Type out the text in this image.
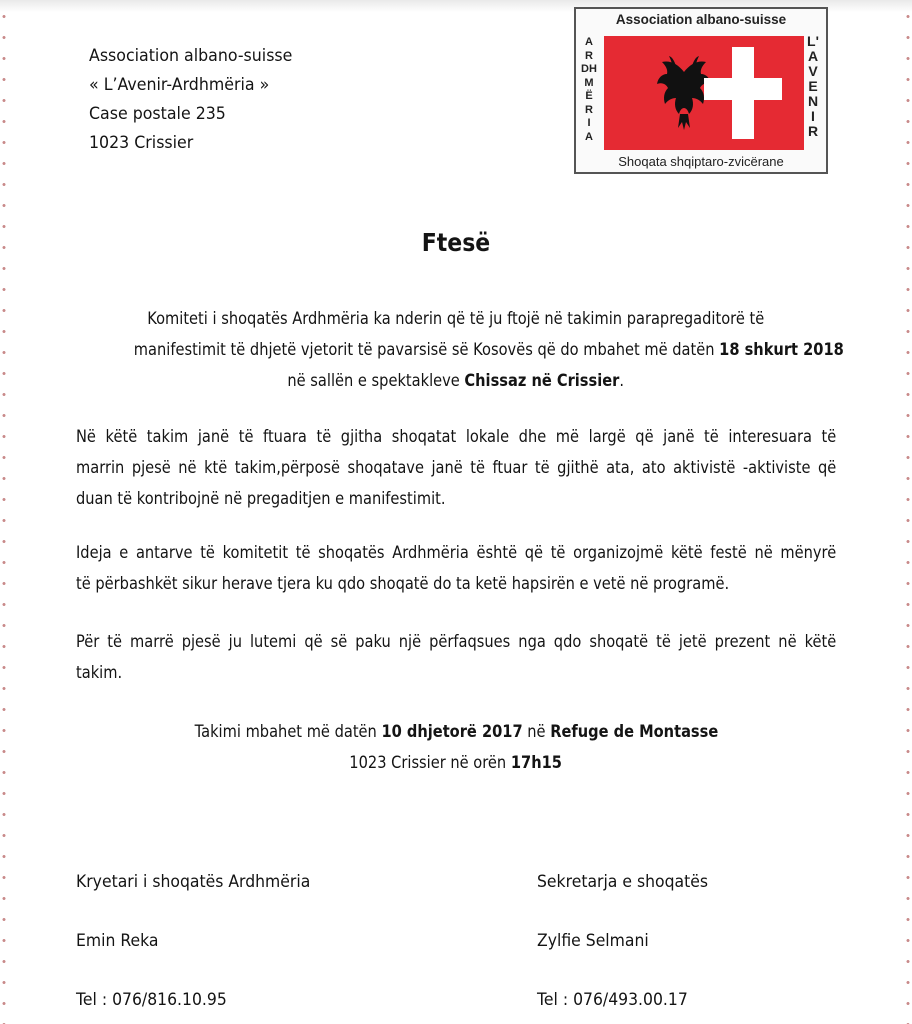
Association albano-suisse
« L’Avenir-Ardhmëria »
Case postale 235
1023 Crissier
Association albano-suisse
A
R
DH
M
Ë
R
I
A
L'
A
V
E
N
I
R
Shoqata shqiptaro-zvicërane
Ftesë
Komiteti i shoqatës Ardhmëria ka nderin që të ju ftojë në takimin parapregaditorë të
manifestimit të dhjetë vjetorit të pavarsisë së Kosovës që do mbahet më datën 18 shkurt 2018
në sallën e spektakleve Chissaz në Crissier.
Në këtë takim janë të ftuara të gjitha shoqatat lokale dhe më largë që janë të interesuara të
marrin pjesë në ktë takim,përposë shoqatave janë të ftuar të gjithë ata, ato aktivistë -aktiviste që
duan të kontribojnë në pregaditjen e manifestimit.
Ideja e antarve të komitetit të shoqatës Ardhmëria është që të organizojmë këtë festë në mënyrë
të përbashkët sikur herave tjera ku qdo shoqatë do ta ketë hapsirën e vetë në programë.
Për të marrë pjesë ju lutemi që së paku një përfaqsues nga qdo shoqatë të jetë prezent në këtë
takim.
Takimi mbahet më datën 10 dhjetorë 2017 në Refuge de Montasse
1023 Crissier në orën 17h15
Kryetari i shoqatës Ardhmëria
Emin Reka
Tel : 076/816.10.95
Sekretarja e shoqatës
Zylfie Selmani
Tel : 076/493.00.17
